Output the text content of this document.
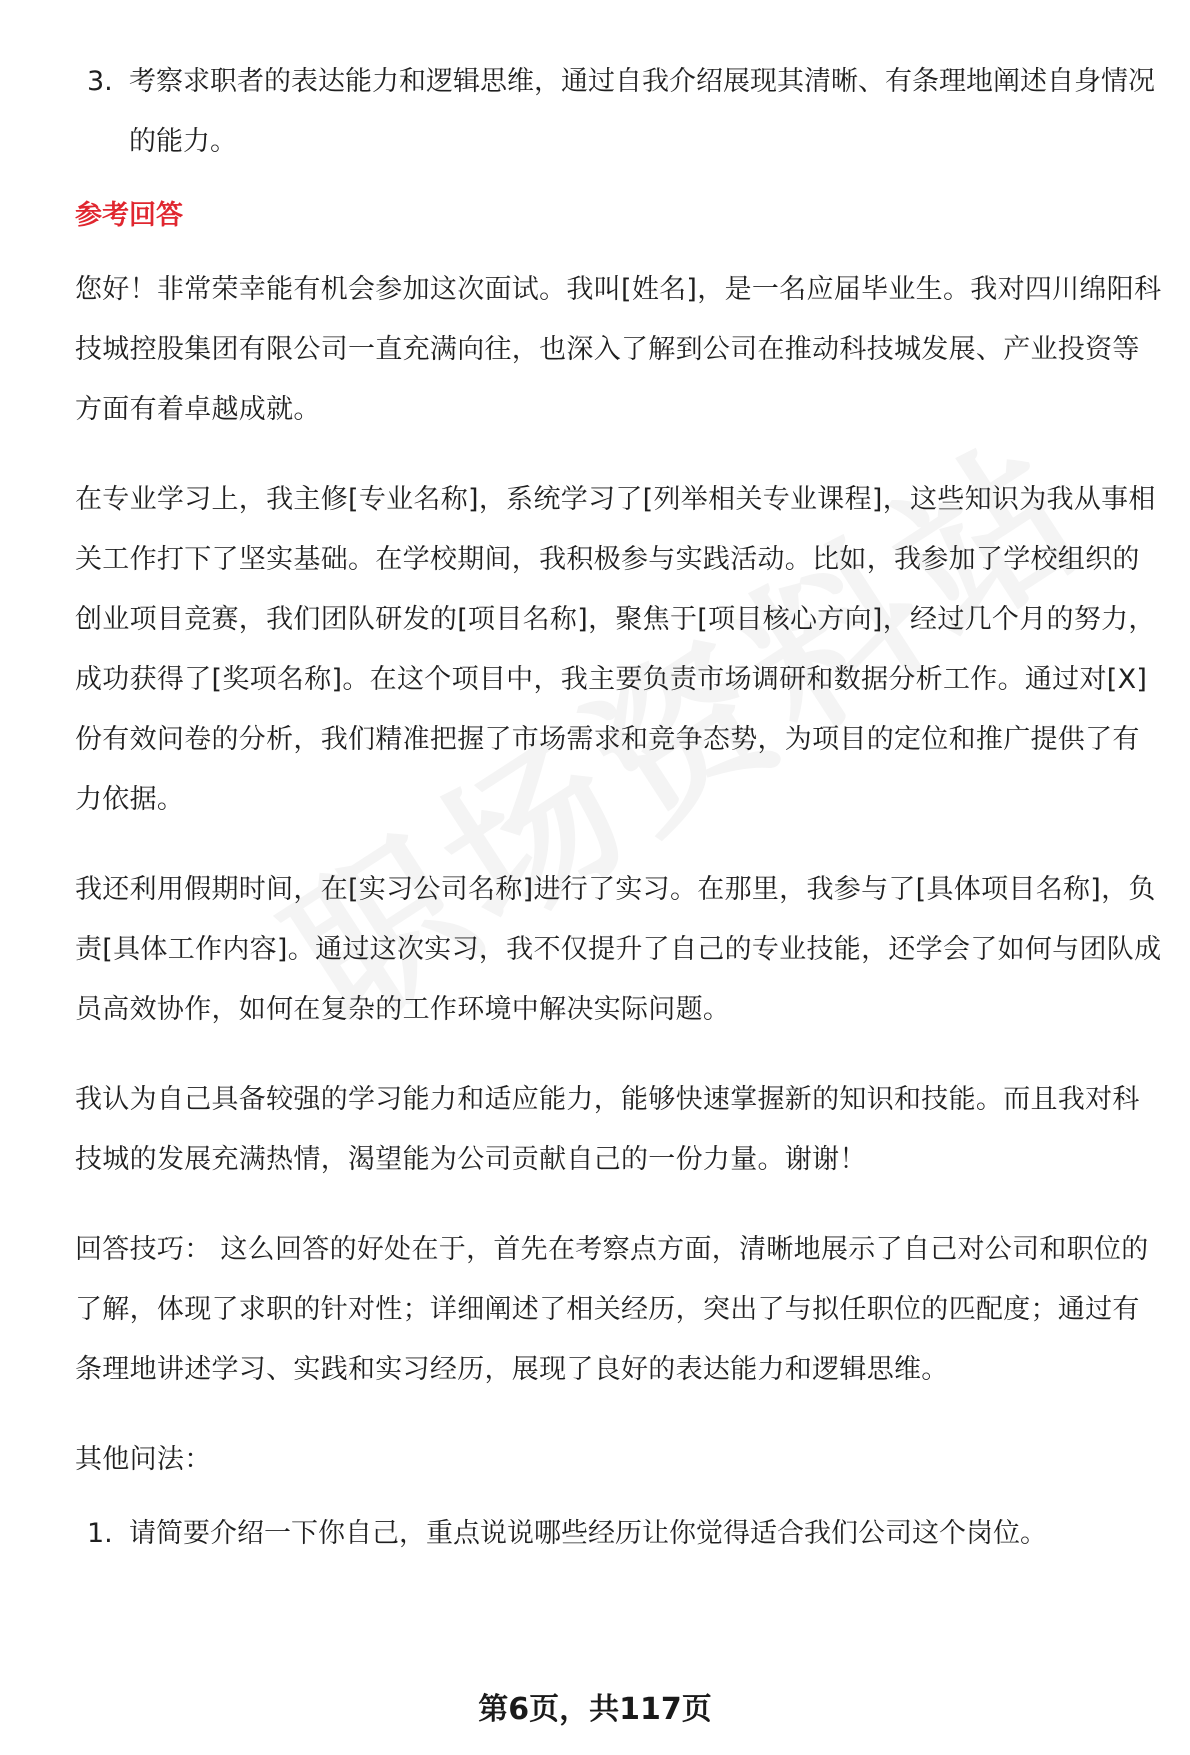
3. 考察求职者的表达能力和逻辑思维，通过自我介绍展现其清晰、有条理地阐述自身情况的能力。
参考回答

您好！非常荣幸能有机会参加这次面试。我叫[姓名]，是一名应届毕业生。我对四川绵阳科技城控股集团有限公司一直充满向往，也深入了解到公司在推动科技城发展、产业投资等方面有着卓越成就。

在专业学习上，我主修[专业名称]，系统学习了[列举相关专业课程]，这些知识为我从事相关工作打下了坚实基础。在学校期间，我积极参与实践活动。比如，我参加了学校组织的创业项目竞赛，我们团队研发的[项目名称]，聚焦于[项目核心方向]，经过几个月的努力，成功获得了[奖项名称]。在这个项目中，我主要负责市场调研和数据分析工作。通过对[X]份有效问卷的分析，我们精准把握了市场需求和竞争态势，为项目的定位和推广提供了有力依据。

我还利用假期时间，在[实习公司名称]进行了实习。在那里，我参与了[具体项目名称]，负责[具体工作内容]。通过这次实习，我不仅提升了自己的专业技能，还学会了如何与团队成员高效协作，如何在复杂的工作环境中解决实际问题。

我认为自己具备较强的学习能力和适应能力，能够快速掌握新的知识和技能。而且我对科技城的发展充满热情，渴望能为公司贡献自己的一份力量。谢谢！

回答技巧： 这么回答的好处在于，首先在考察点方面，清晰地展示了自己对公司和职位的了解，体现了求职的针对性；详细阐述了相关经历，突出了与拟任职位的匹配度；通过有条理地讲述学习、实践和实习经历，展现了良好的表达能力和逻辑思维。

其他问法：

1. 请简要介绍一下你自己，重点说说哪些经历让你觉得适合我们公司这个岗位。
第6页，共117页
